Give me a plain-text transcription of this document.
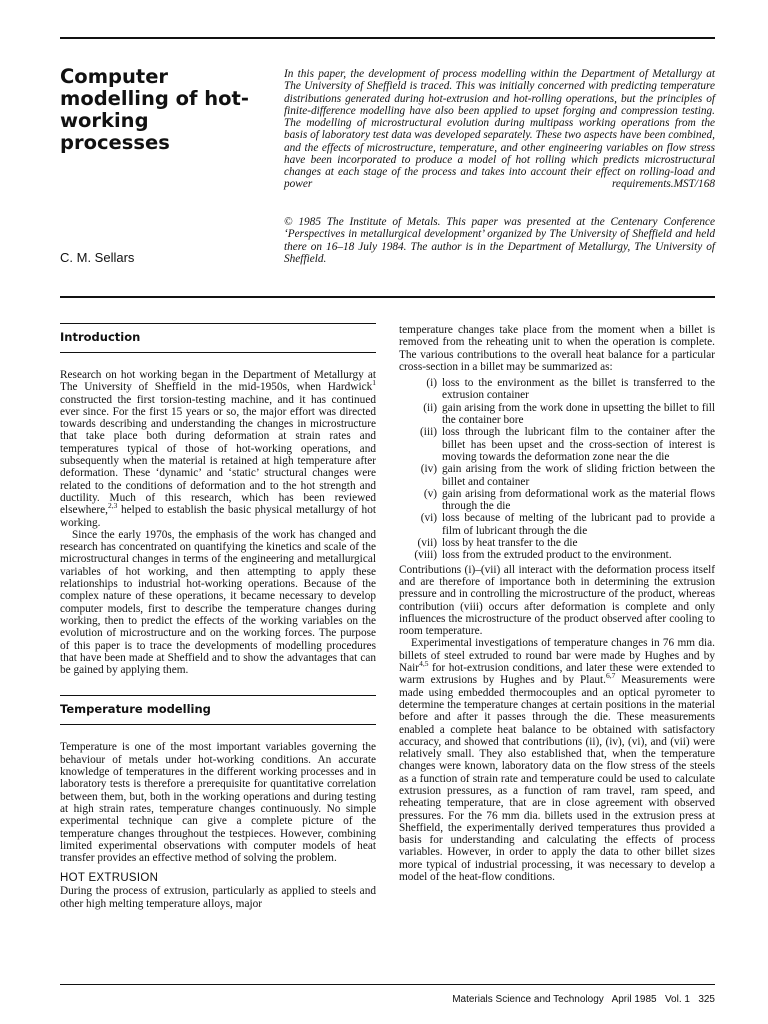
Computer modelling of hot-working processes
C. M. Sellars

In this paper, the development of process modelling within the Department of Metallurgy at The University of Sheffield is traced. This was initially concerned with predicting temperature distributions generated during hot-extrusion and hot-rolling operations, but the principles of finite-difference modelling have also been applied to upset forging and compression testing. The modelling of microstructural evolution during multipass working operations from the basis of laboratory test data was developed separately. These two aspects have been combined, and the effects of microstructure, temperature, and other engineering variables on flow stress have been incorporated to produce a model of hot rolling which predicts microstructural changes at each stage of the process and takes into account their effect on rolling-load and power requirements. MST/168

© 1985 The Institute of Metals. This paper was presented at the Centenary Conference ‘Perspectives in metallurgical development’ organized by The University of Sheffield and held there on 16–18 July 1984. The author is in the Department of Metallurgy, The University of Sheffield.

Introduction

Research on hot working began in the Department of Metallurgy at The University of Sheffield in the mid-1950s, when Hardwick$^1$ constructed the first torsion-testing machine, and it has continued ever since. For the first 15 years or so, the major effort was directed towards describing and understanding the changes in microstructure that take place both during deformation at strain rates and temperatures typical of those of hot-working operations, and subsequently when the material is retained at high temperature after deformation. These ‘dynamic’ and ‘static’ structural changes were related to the conditions of deformation and to the hot strength and ductility. Much of this research, which has been reviewed elsewhere,$^{2,3}$ helped to establish the basic physical metallurgy of hot working.

Since the early 1970s, the emphasis of the work has changed and research has concentrated on quantifying the kinetics and scale of the microstructural changes in terms of the engineering and metallurgical variables of hot working, and then attempting to apply these relationships to industrial hot-working operations. Because of the complex nature of these operations, it became necessary to develop computer models, first to describe the temperature changes during working, then to predict the effects of the working variables on the evolution of microstructure and on the working forces. The purpose of this paper is to trace the developments of modelling procedures that have been made at Sheffield and to show the advantages that can be gained by applying them.

Temperature modelling

Temperature is one of the most important variables governing the behaviour of metals under hot-working conditions. An accurate knowledge of temperatures in the different working processes and in laboratory tests is therefore a prerequisite for quantitative correlation between them, but, both in the working operations and during testing at high strain rates, temperature changes continuously. No simple experimental technique can give a complete picture of the temperature changes throughout the testpieces. However, combining limited experimental observations with computer models of heat transfer provides an effective method of solving the problem.

HOT EXTRUSION

During the process of extrusion, particularly as applied to steels and other high melting temperature alloys, major

temperature changes take place from the moment when a billet is removed from the reheating unit to when the operation is complete. The various contributions to the overall heat balance for a particular cross-section in a billet may be summarized as:

(i) loss to the environment as the billet is transferred to the extrusion container
(ii) gain arising from the work done in upsetting the billet to fill the container bore
(iii) loss through the lubricant film to the container after the billet has been upset and the cross-section of interest is moving towards the deformation zone near the die
(iv) gain arising from the work of sliding friction between the billet and container
(v) gain arising from deformational work as the material flows through the die
(vi) loss because of melting of the lubricant pad to provide a film of lubricant through the die
(vii) loss by heat transfer to the die
(viii) loss from the extruded product to the environment.

Contributions (i)–(vii) all interact with the deformation process itself and are therefore of importance both in determining the extrusion pressure and in controlling the microstructure of the product, whereas contribution (viii) occurs after deformation is complete and only influences the microstructure of the product observed after cooling to room temperature.

Experimental investigations of temperature changes in 76 mm dia. billets of steel extruded to round bar were made by Hughes and by Nair$^{4,5}$ for hot-extrusion conditions, and later these were extended to warm extrusions by Hughes and by Plaut.$^{6,7}$ Measurements were made using embedded thermocouples and an optical pyrometer to determine the temperature changes at certain positions in the material before and after it passes through the die. These measurements enabled a complete heat balance to be obtained with satisfactory accuracy, and showed that contributions (ii), (iv), (vi), and (vii) were relatively small. They also established that, when the temperature changes were known, laboratory data on the flow stress of the steels as a function of strain rate and temperature could be used to calculate extrusion pressures, as a function of ram travel, ram speed, and reheating temperature, that are in close agreement with observed pressures. For the 76 mm dia. billets used in the extrusion press at Sheffield, the experimentally derived temperatures thus provided a basis for understanding and calculating the effects of process variables. However, in order to apply the data to other billet sizes more typical of industrial processing, it was necessary to develop a model of the heat-flow conditions.

Materials Science and Technology April 1985 Vol. 1 325
